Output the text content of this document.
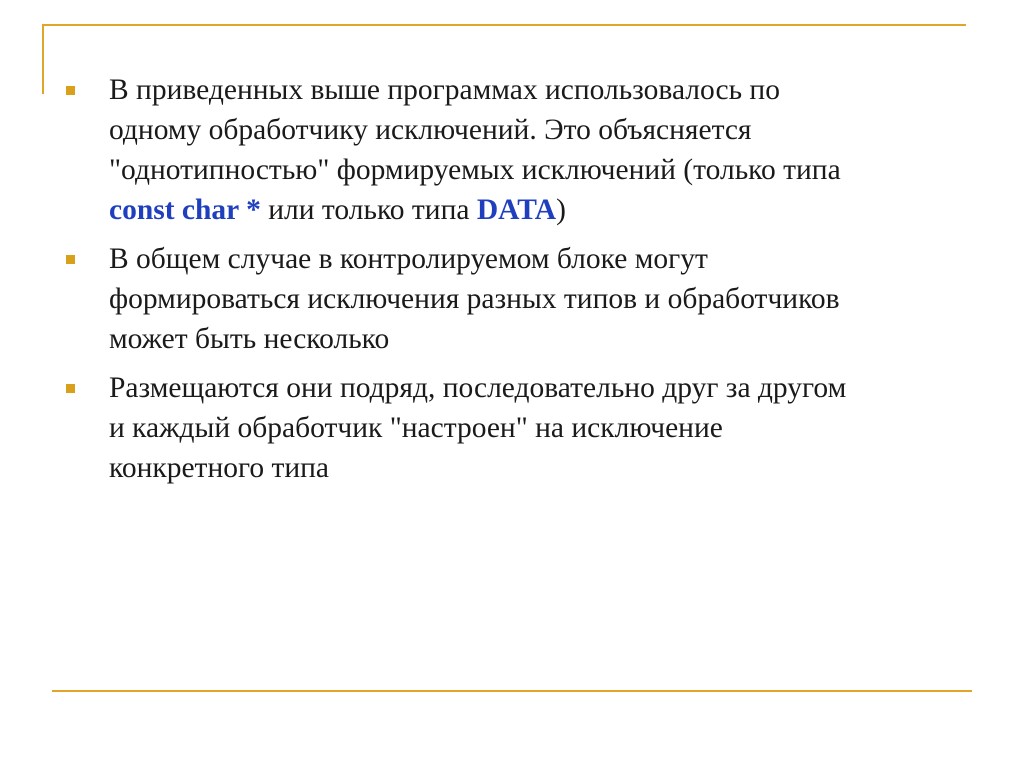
В приведенных выше программах использовалось по
одному обработчику исключений. Это объясняется
"однотипностью" формируемых исключений (только типа
const char * или только типа DATA)
В общем случае в контролируемом блоке могут
формироваться исключения разных типов и обработчиков
может быть несколько
Размещаются они подряд, последовательно друг за другом
и каждый обработчик "настроен" на исключение
конкретного типа
